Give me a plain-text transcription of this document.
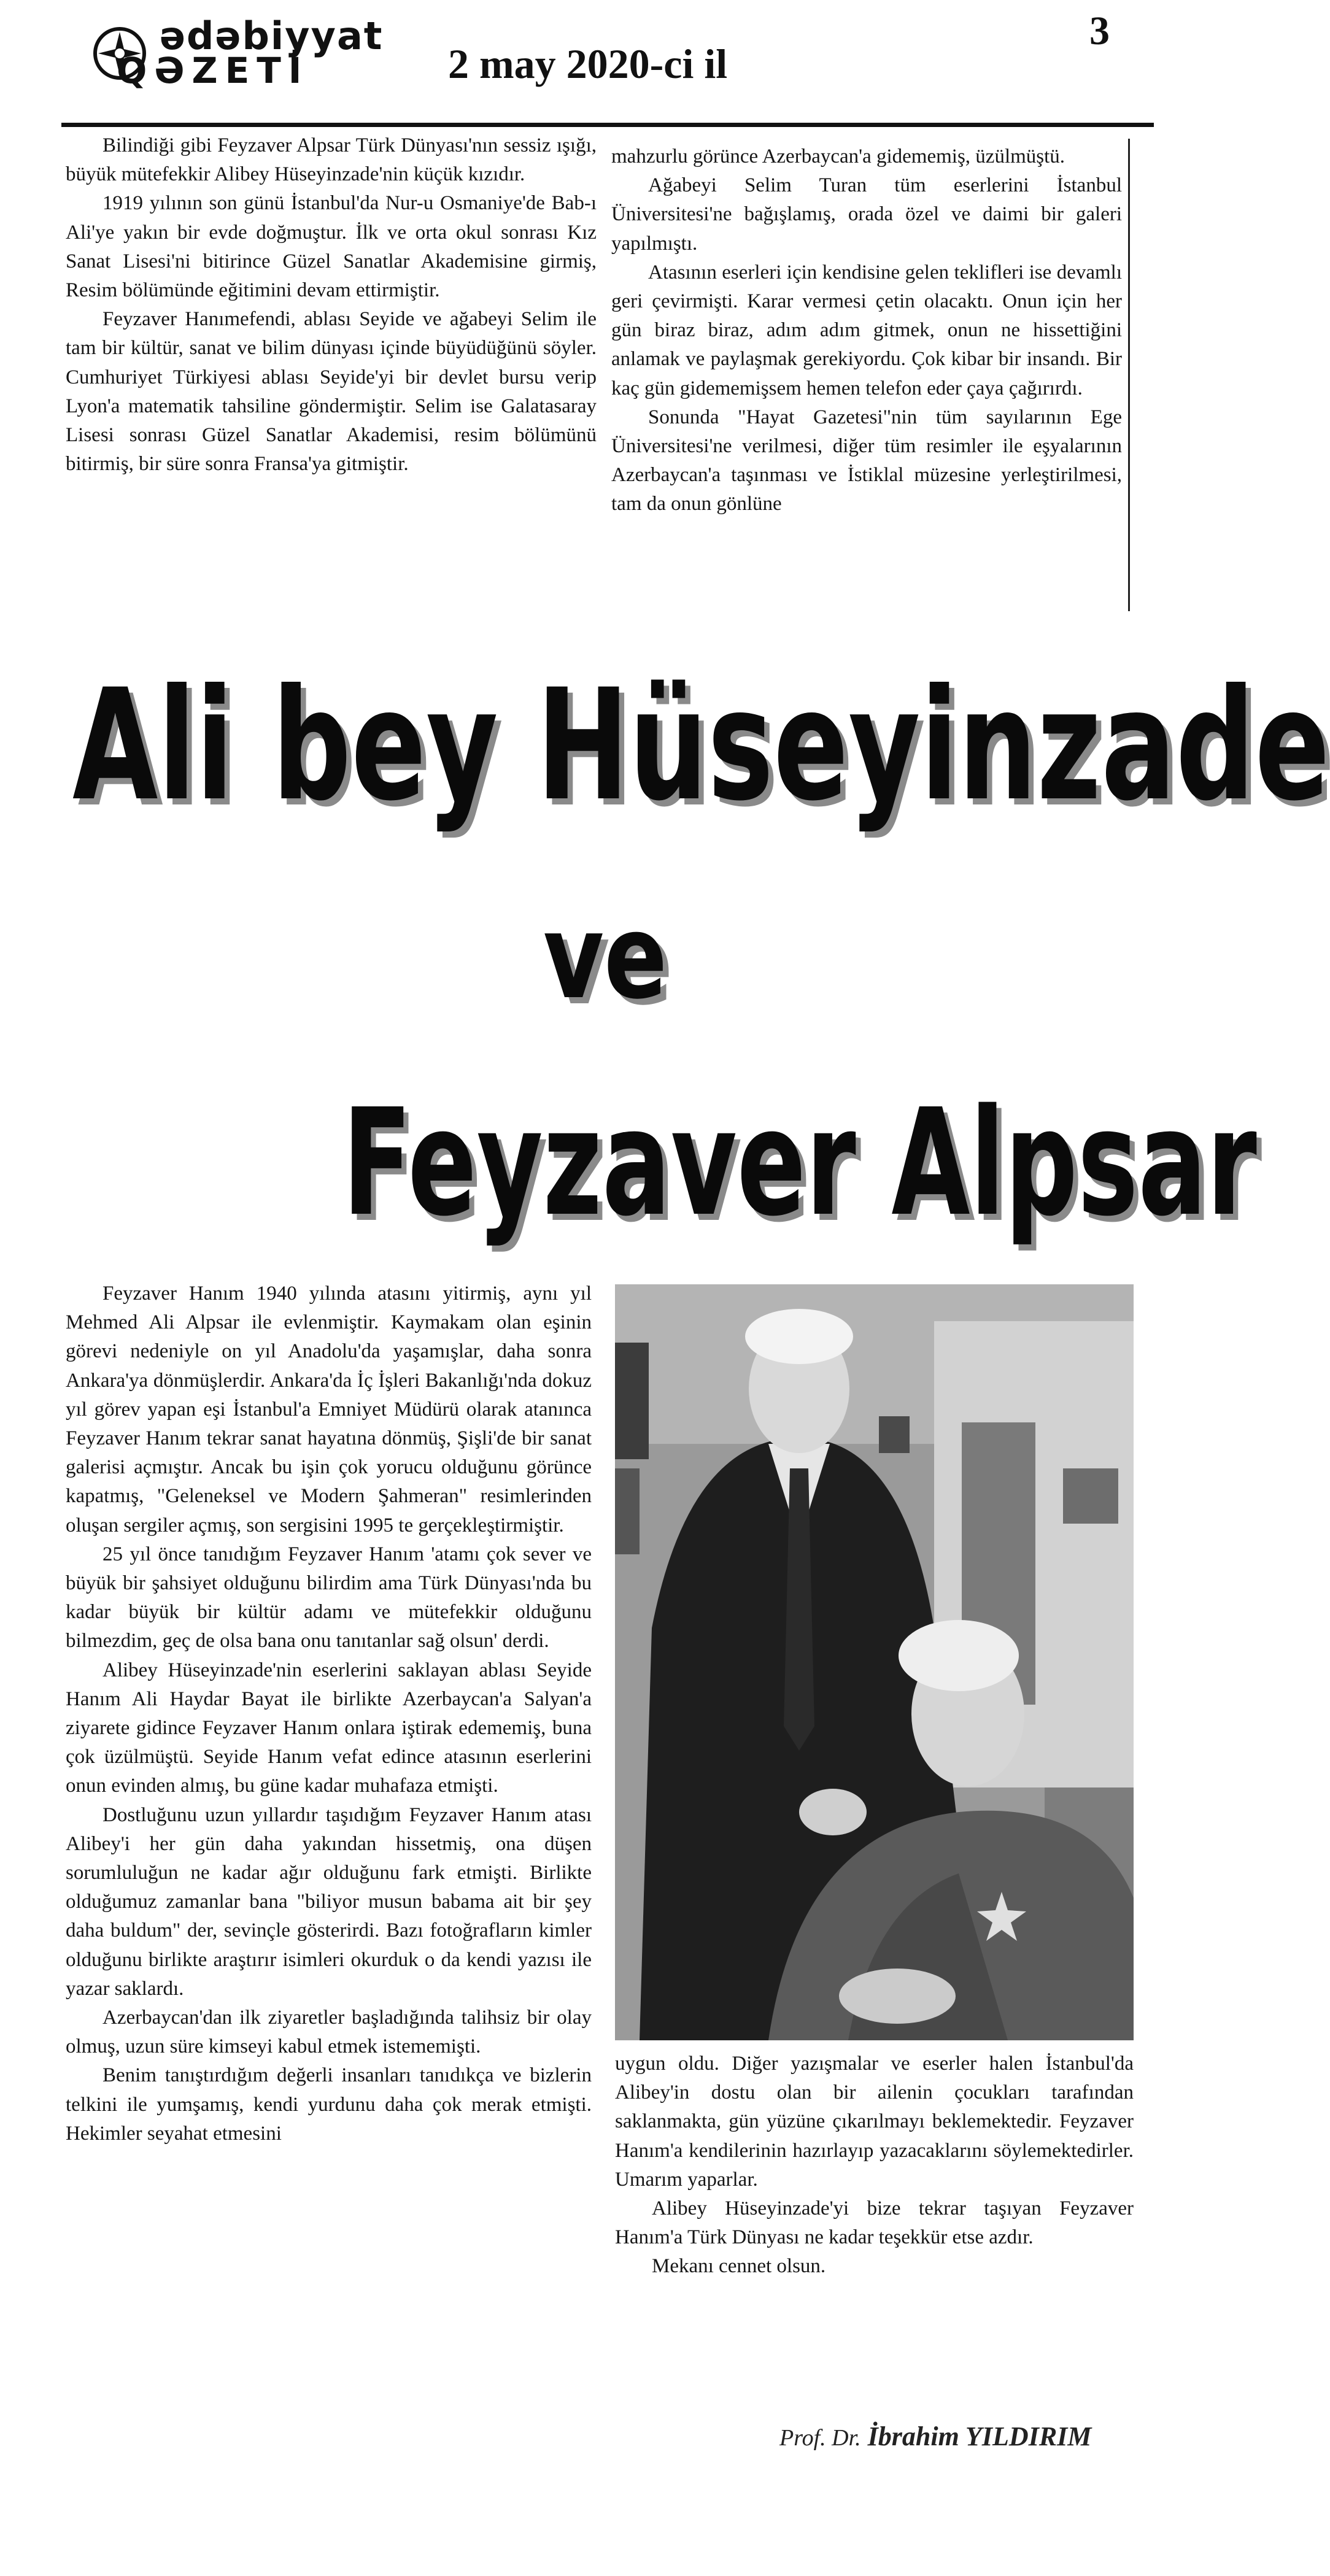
ədəbiyyat
QƏZETİ	2 may 2020-ci il
3

Bilindiği gibi Feyzaver Alpsar Türk Dünyası'nın sessiz ışığı, büyük mütefekkir Alibey Hüseyinzade'nin küçük kızıdır.

1919 yılının son günü İstanbul'da Nur-u Osmaniye'de Bab-ı Ali'ye yakın bir evde doğmuştur. İlk ve orta okul sonrası Kız Sanat Lisesi'ni bitirince Güzel Sanatlar Akademisine girmiş, Resim bölümünde eğitimini devam ettirmiştir.

Feyzaver Hanımefendi, ablası Seyide ve ağabeyi Selim ile tam bir kültür, sanat ve bilim dünyası içinde büyüdüğünü söyler. Cumhuriyet Türkiyesi ablası Seyide'yi bir devlet bursu verip Lyon'a matematik tahsiline göndermiştir. Selim ise Galatasaray Lisesi sonrası Güzel Sanatlar Akademisi, resim bölümünü bitirmiş, bir süre sonra Fransa'ya gitmiştir.

mahzurlu görünce Azerbaycan'a gidememiş, üzülmüştü.

Ağabeyi Selim Turan tüm eserlerini İstanbul Üniversitesi'ne bağışlamış, orada özel ve daimi bir galeri yapılmıştı.

Atasının eserleri için kendisine gelen teklifleri ise devamlı geri çevirmişti. Karar vermesi çetin olacaktı. Onun için her gün biraz biraz, adım adım gitmek, onun ne hissettiğini anlamak ve paylaşmak gerekiyordu. Çok kibar bir insandı. Bir kaç gün gidememişsem hemen telefon eder çaya çağırırdı.

Sonunda "Hayat Gazetesi"nin tüm sayılarının Ege Üniversitesi'ne verilmesi, diğer tüm resimler ile eşyalarının Azerbaycan'a taşınması ve İstiklal müzesine yerleştirilmesi, tam da onun gönlüne

Ali bey Hüseyinzade
ve
Feyzaver Alpsar

Feyzaver Hanım 1940 yılında atasını yitirmiş, aynı yıl Mehmed Ali Alpsar ile evlenmiştir. Kaymakam olan eşinin görevi nedeniyle on yıl Anadolu'da yaşamışlar, daha sonra Ankara'ya dönmüşlerdir. Ankara'da İç İşleri Bakanlığı'nda dokuz yıl görev yapan eşi İstanbul'a Emniyet Müdürü olarak atanınca Feyzaver Hanım tekrar sanat hayatına dönmüş, Şişli'de bir sanat galerisi açmıştır. Ancak bu işin çok yorucu olduğunu görünce kapatmış, "Geleneksel ve Modern Şahmeran" resimlerinden oluşan sergiler açmış, son sergisini 1995 te gerçekleştirmiştir.

25 yıl önce tanıdığım Feyzaver Hanım 'atamı çok sever ve büyük bir şahsiyet olduğunu bilirdim ama Türk Dünyası'nda bu kadar büyük bir kültür adamı ve mütefekkir olduğunu bilmezdim, geç de olsa bana onu tanıtanlar sağ olsun' derdi.

Alibey Hüseyinzade'nin eserlerini saklayan ablası Seyide Hanım Ali Haydar Bayat ile birlikte Azerbaycan'a Salyan'a ziyarete gidince Feyzaver Hanım onlara iştirak edememiş, buna çok üzülmüştü. Seyide Hanım vefat edince atasının eserlerini onun evinden almış, bu güne kadar muhafaza etmişti.

Dostluğunu uzun yıllardır taşıdığım Feyzaver Hanım atası Alibey'i her gün daha yakından hissetmiş, ona düşen sorumluluğun ne kadar ağır olduğunu fark etmişti. Birlikte olduğumuz zamanlar bana "biliyor musun babama ait bir şey daha buldum" der, sevinçle gösterirdi. Bazı fotoğrafların kimler olduğunu birlikte araştırır isimleri okurduk o da kendi yazısı ile yazar saklardı.

Azerbaycan'dan ilk ziyaretler başladığında talihsiz bir olay olmuş, uzun süre kimseyi kabul etmek istememişti.

Benim tanıştırdığım değerli insanları tanıdıkça ve bizlerin telkini ile yumşamış, kendi yurdunu daha çok merak etmişti. Hekimler seyahat etmesini

uygun oldu. Diğer yazışmalar ve eserler halen İstanbul'da Alibey'in dostu olan bir ailenin çocukları tarafından saklanmakta, gün yüzüne çıkarılmayı beklemektedir. Feyzaver Hanım'a kendilerinin hazırlayıp yazacaklarını söylemektedirler. Umarım yaparlar.

Alibey Hüseyinzade'yi bize tekrar taşıyan Feyzaver Hanım'a Türk Dünyası ne kadar teşekkür etse azdır.

Mekanı cennet olsun.

Prof. Dr. İbrahim YILDIRIM
